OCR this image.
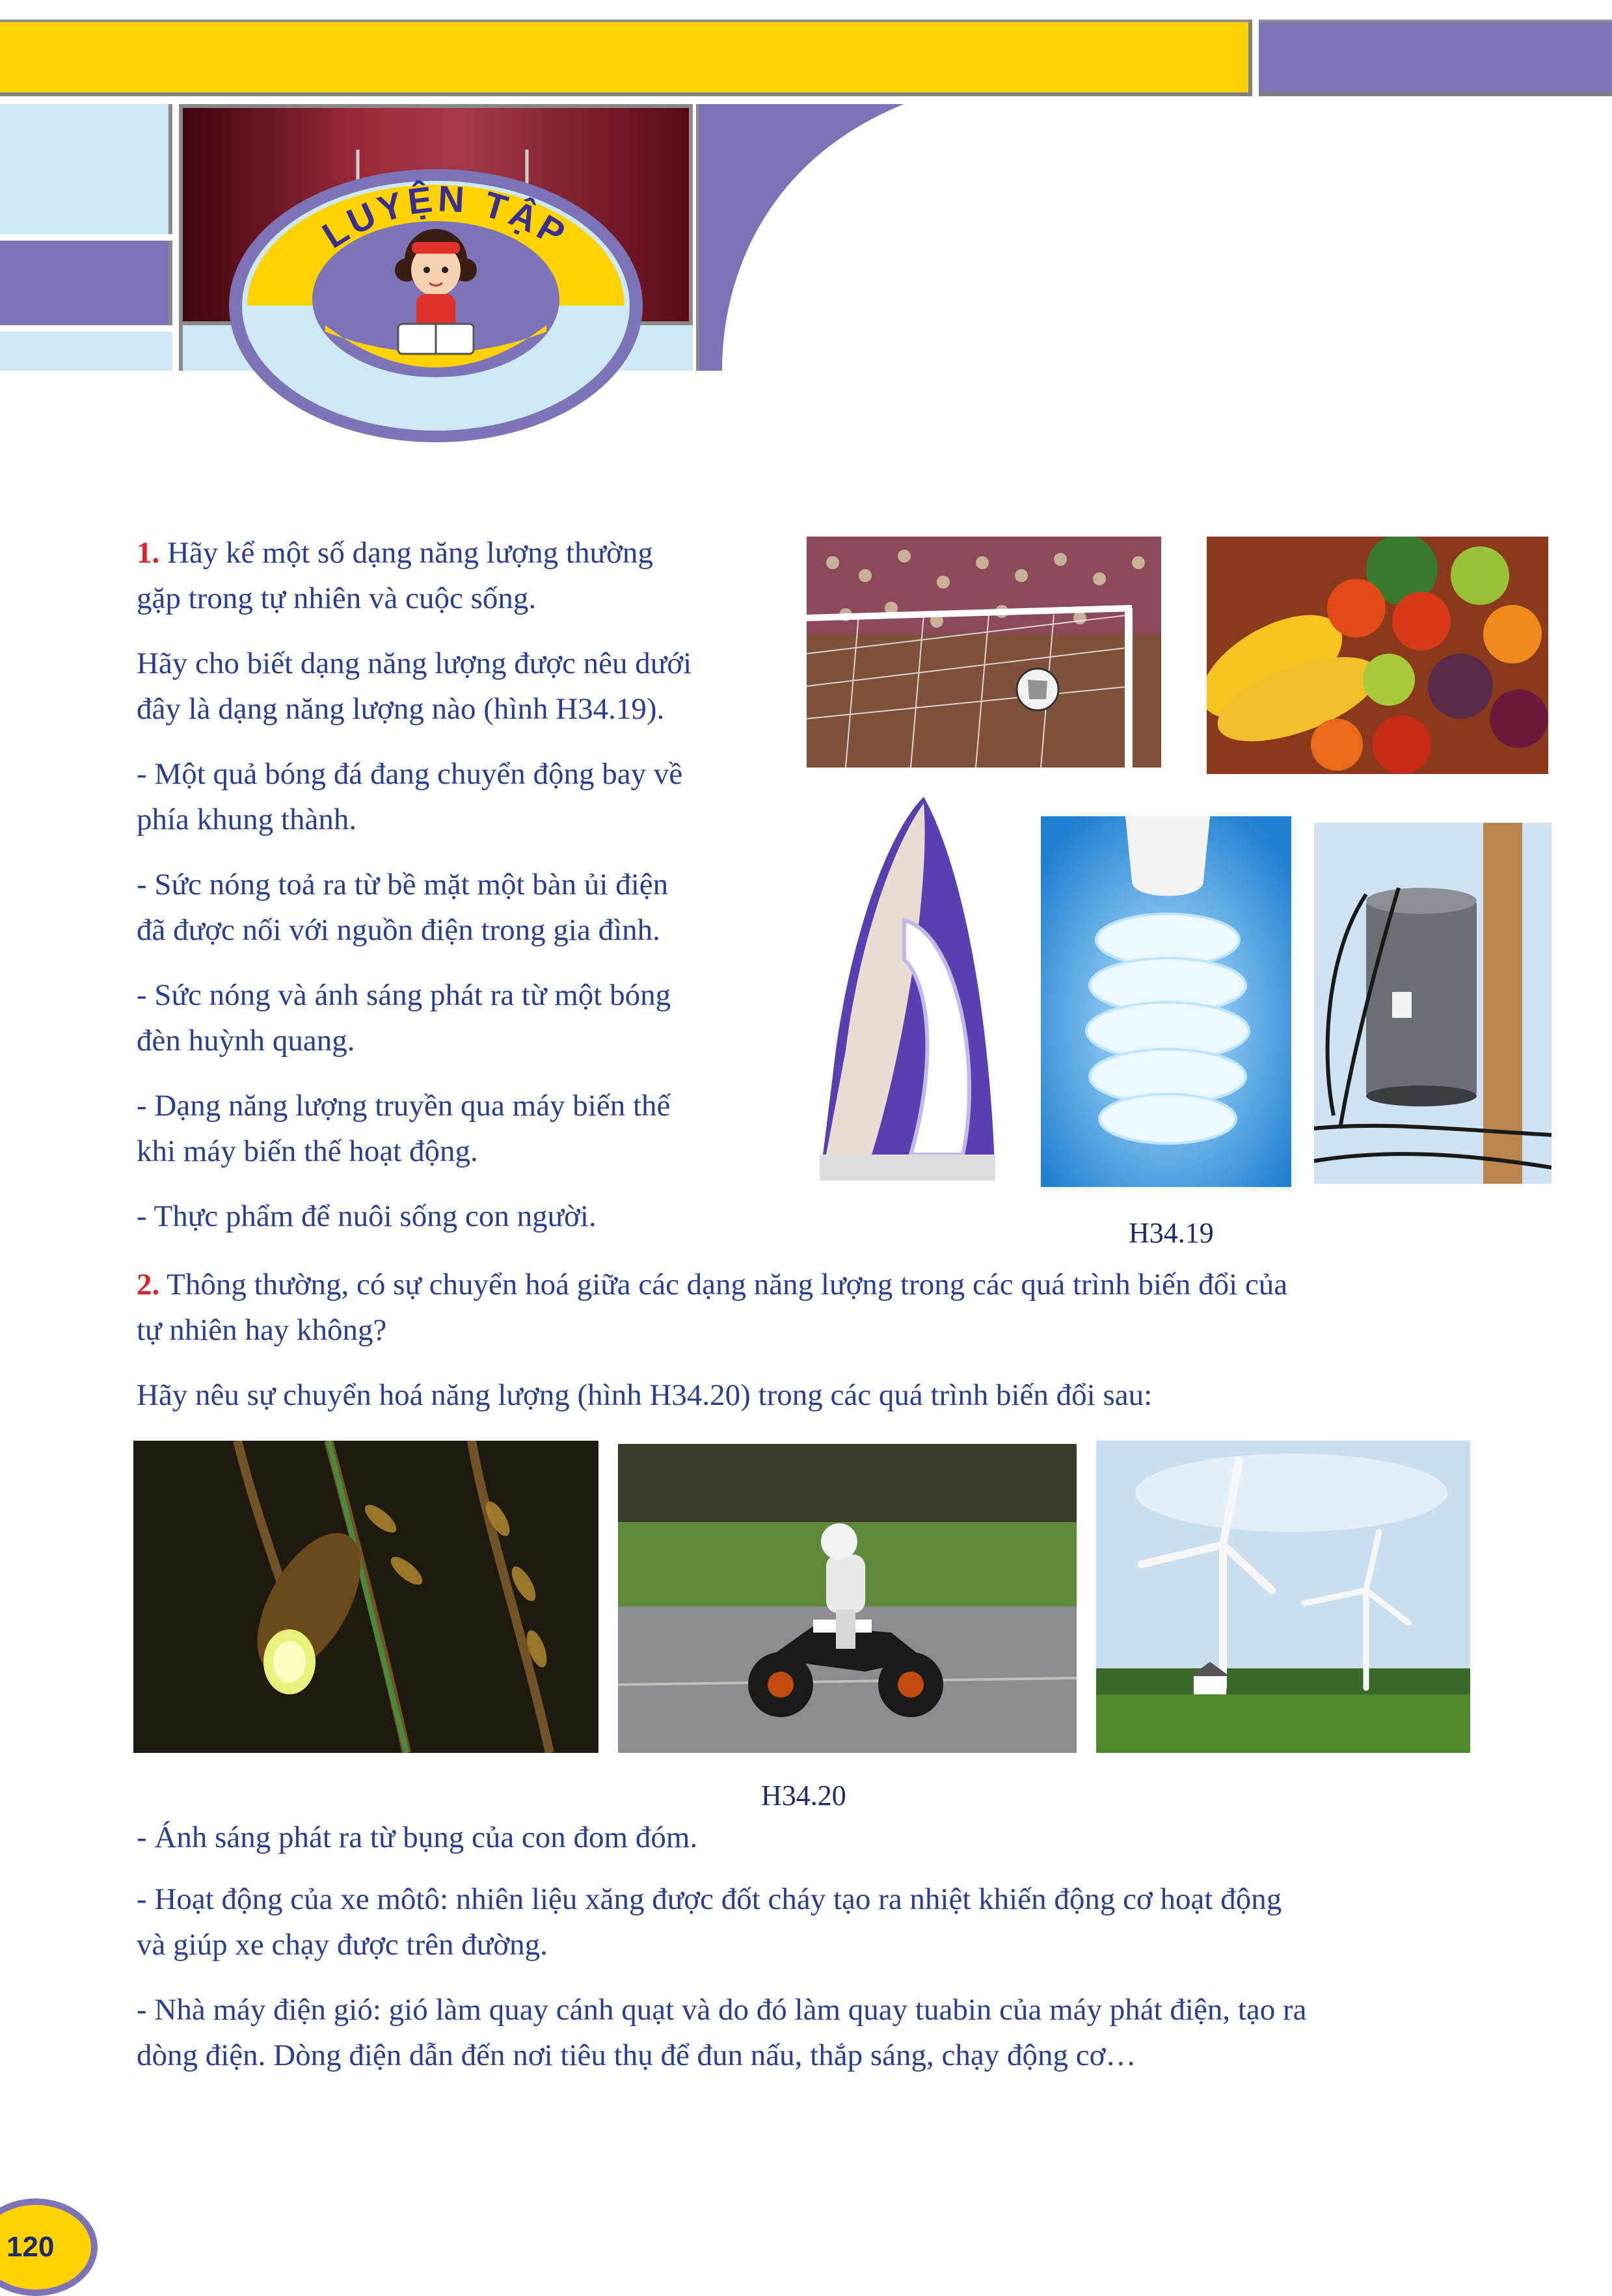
LUYỆN TẬP
1. Hãy kể một số dạng năng lượng thường
gặp trong tự nhiên và cuộc sống.
Hãy cho biết dạng năng lượng được nêu dưới
đây là dạng năng lượng nào (hình H34.19).
- Một quả bóng đá đang chuyển động bay về
phía khung thành.
- Sức nóng toả ra từ bề mặt một bàn ủi điện
đã được nối với nguồn điện trong gia đình.
- Sức nóng và ánh sáng phát ra từ một bóng
đèn huỳnh quang.
- Dạng năng lượng truyền qua máy biến thế
khi máy biến thế hoạt động.
- Thực phẩm để nuôi sống con người.	H34.19
2. Thông thường, có sự chuyển hoá giữa các dạng năng lượng trong các quá trình biến đổi của
tự nhiên hay không?
Hãy nêu sự chuyển hoá năng lượng (hình H34.20) trong các quá trình biến đổi sau:
H34.20
- Ánh sáng phát ra từ bụng của con đom đóm.
- Hoạt động của xe môtô: nhiên liệu xăng được đốt cháy tạo ra nhiệt khiến động cơ hoạt động
và giúp xe chạy được trên đường.
- Nhà máy điện gió: gió làm quay cánh quạt và do đó làm quay tuabin của máy phát điện, tạo ra
dòng điện. Dòng điện dẫn đến nơi tiêu thụ để đun nấu, thắp sáng, chạy động cơ…
120
